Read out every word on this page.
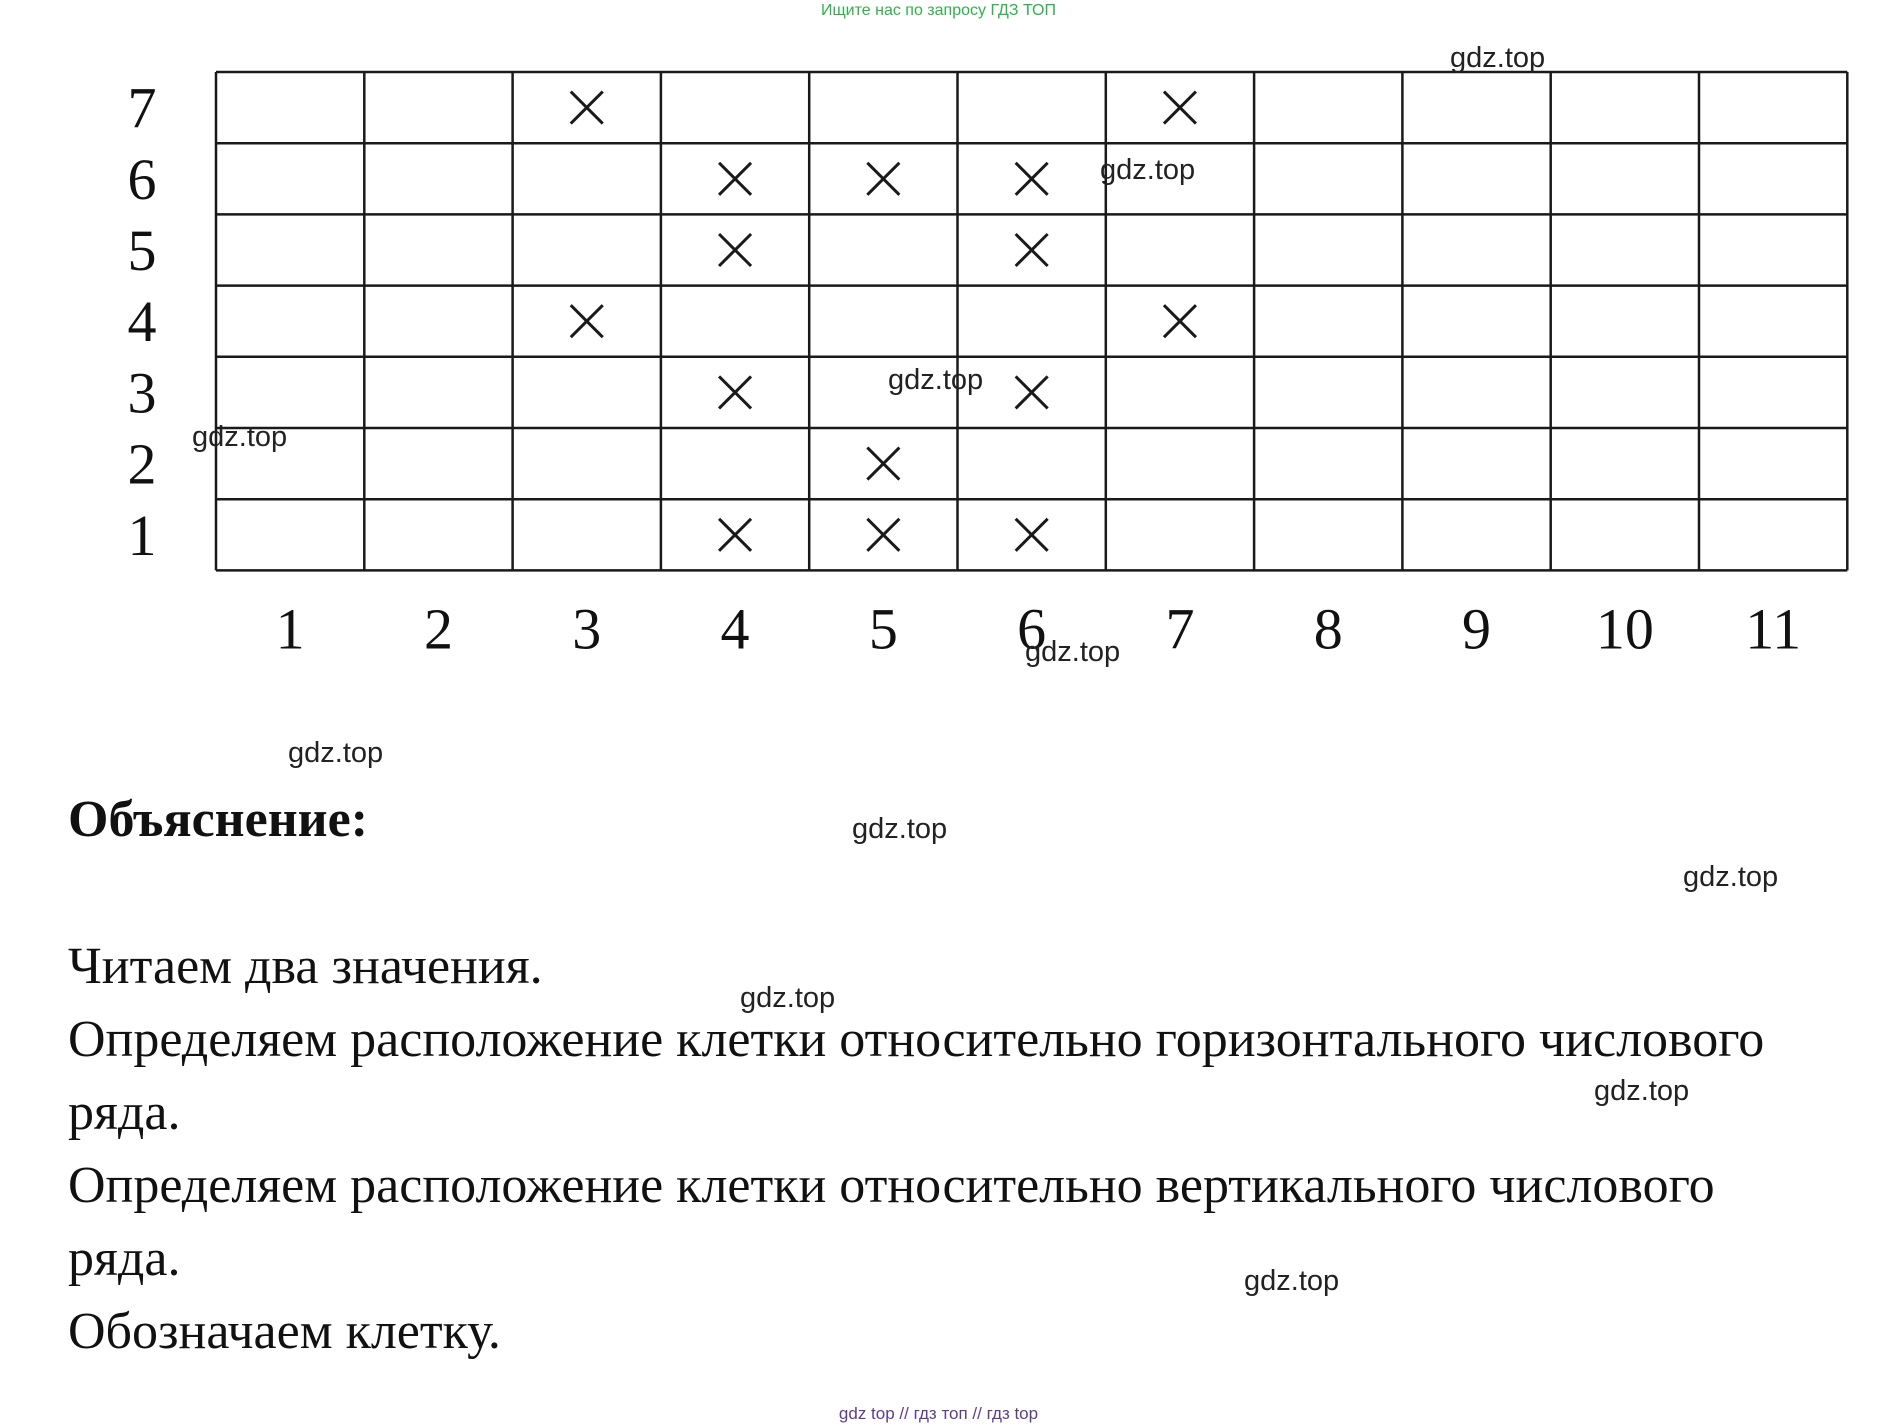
Ищите нас по запросу ГДЗ ТОП
1 2 3 4 5 6 7 8 9 10 11
1
2
3
4
5
6
7
Объяснение:

Читаем два значения.

Определяем расположение клетки относительно горизонтального числового ряда.

Определяем расположение клетки относительно вертикального числового ряда.

Обозначаем клетку.

gdz.top
gdz.top
gdz.top
gdz.top
gdz.top
gdz.top
gdz.top
gdz.top
gdz.top
gdz.top
gdz.top
gdz top // гдз топ // гдз top
